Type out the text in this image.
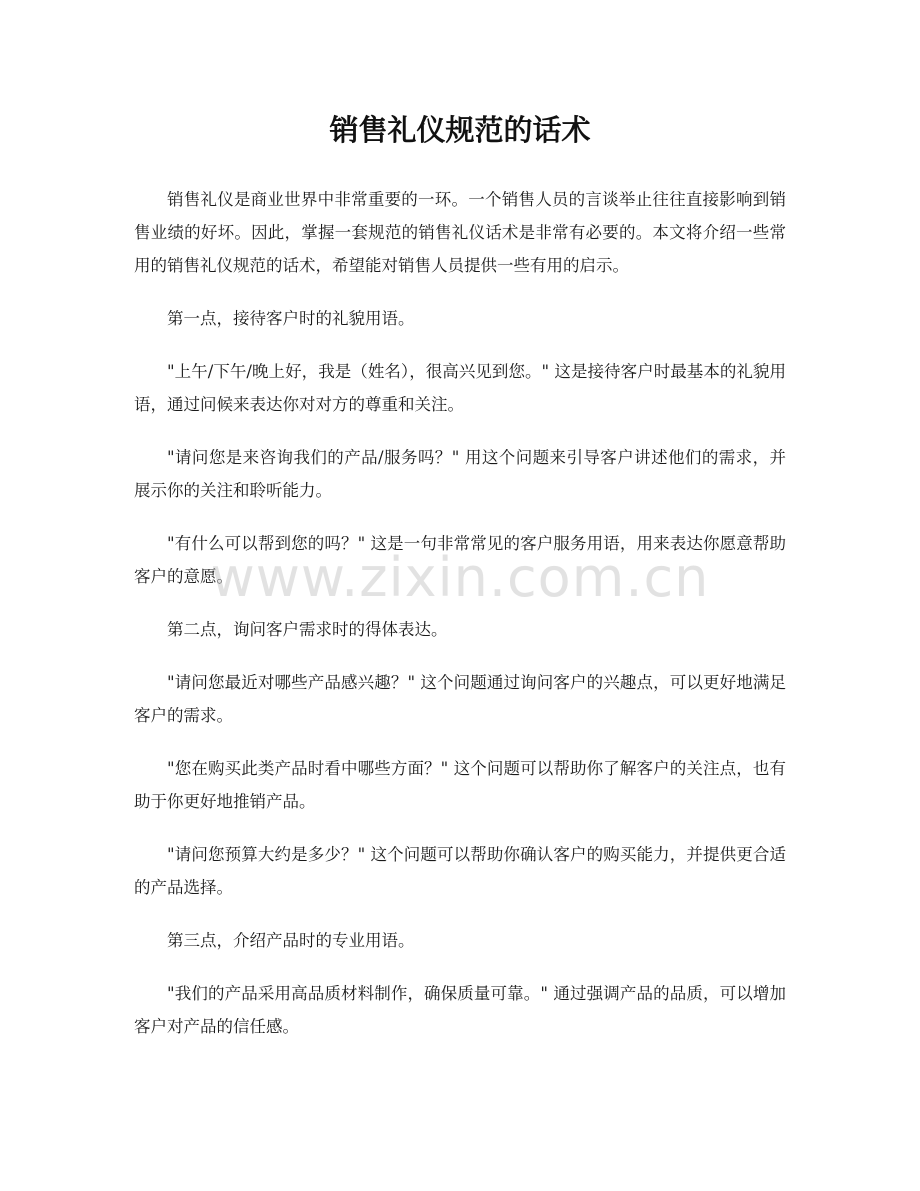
销售礼仪规范的话术

销售礼仪是商业世界中非常重要的一环。一个销售人员的言谈举止往往直接影响到销售业绩的好坏。因此，掌握一套规范的销售礼仪话术是非常有必要的。本文将介绍一些常用的销售礼仪规范的话术，希望能对销售人员提供一些有用的启示。

第一点，接待客户时的礼貌用语。

"上午/下午/晚上好，我是（姓名），很高兴见到您。" 这是接待客户时最基本的礼貌用语，通过问候来表达你对对方的尊重和关注。

"请问您是来咨询我们的产品/服务吗？" 用这个问题来引导客户讲述他们的需求，并展示你的关注和聆听能力。

"有什么可以帮到您的吗？" 这是一句非常常见的客户服务用语，用来表达你愿意帮助客户的意愿。

第二点，询问客户需求时的得体表达。

"请问您最近对哪些产品感兴趣？" 这个问题通过询问客户的兴趣点，可以更好地满足客户的需求。

"您在购买此类产品时看中哪些方面？" 这个问题可以帮助你了解客户的关注点，也有助于你更好地推销产品。

"请问您预算大约是多少？" 这个问题可以帮助你确认客户的购买能力，并提供更合适的产品选择。

第三点，介绍产品时的专业用语。

"我们的产品采用高品质材料制作，确保质量可靠。" 通过强调产品的品质，可以增加客户对产品的信任感。

www.zixin.com.cn
